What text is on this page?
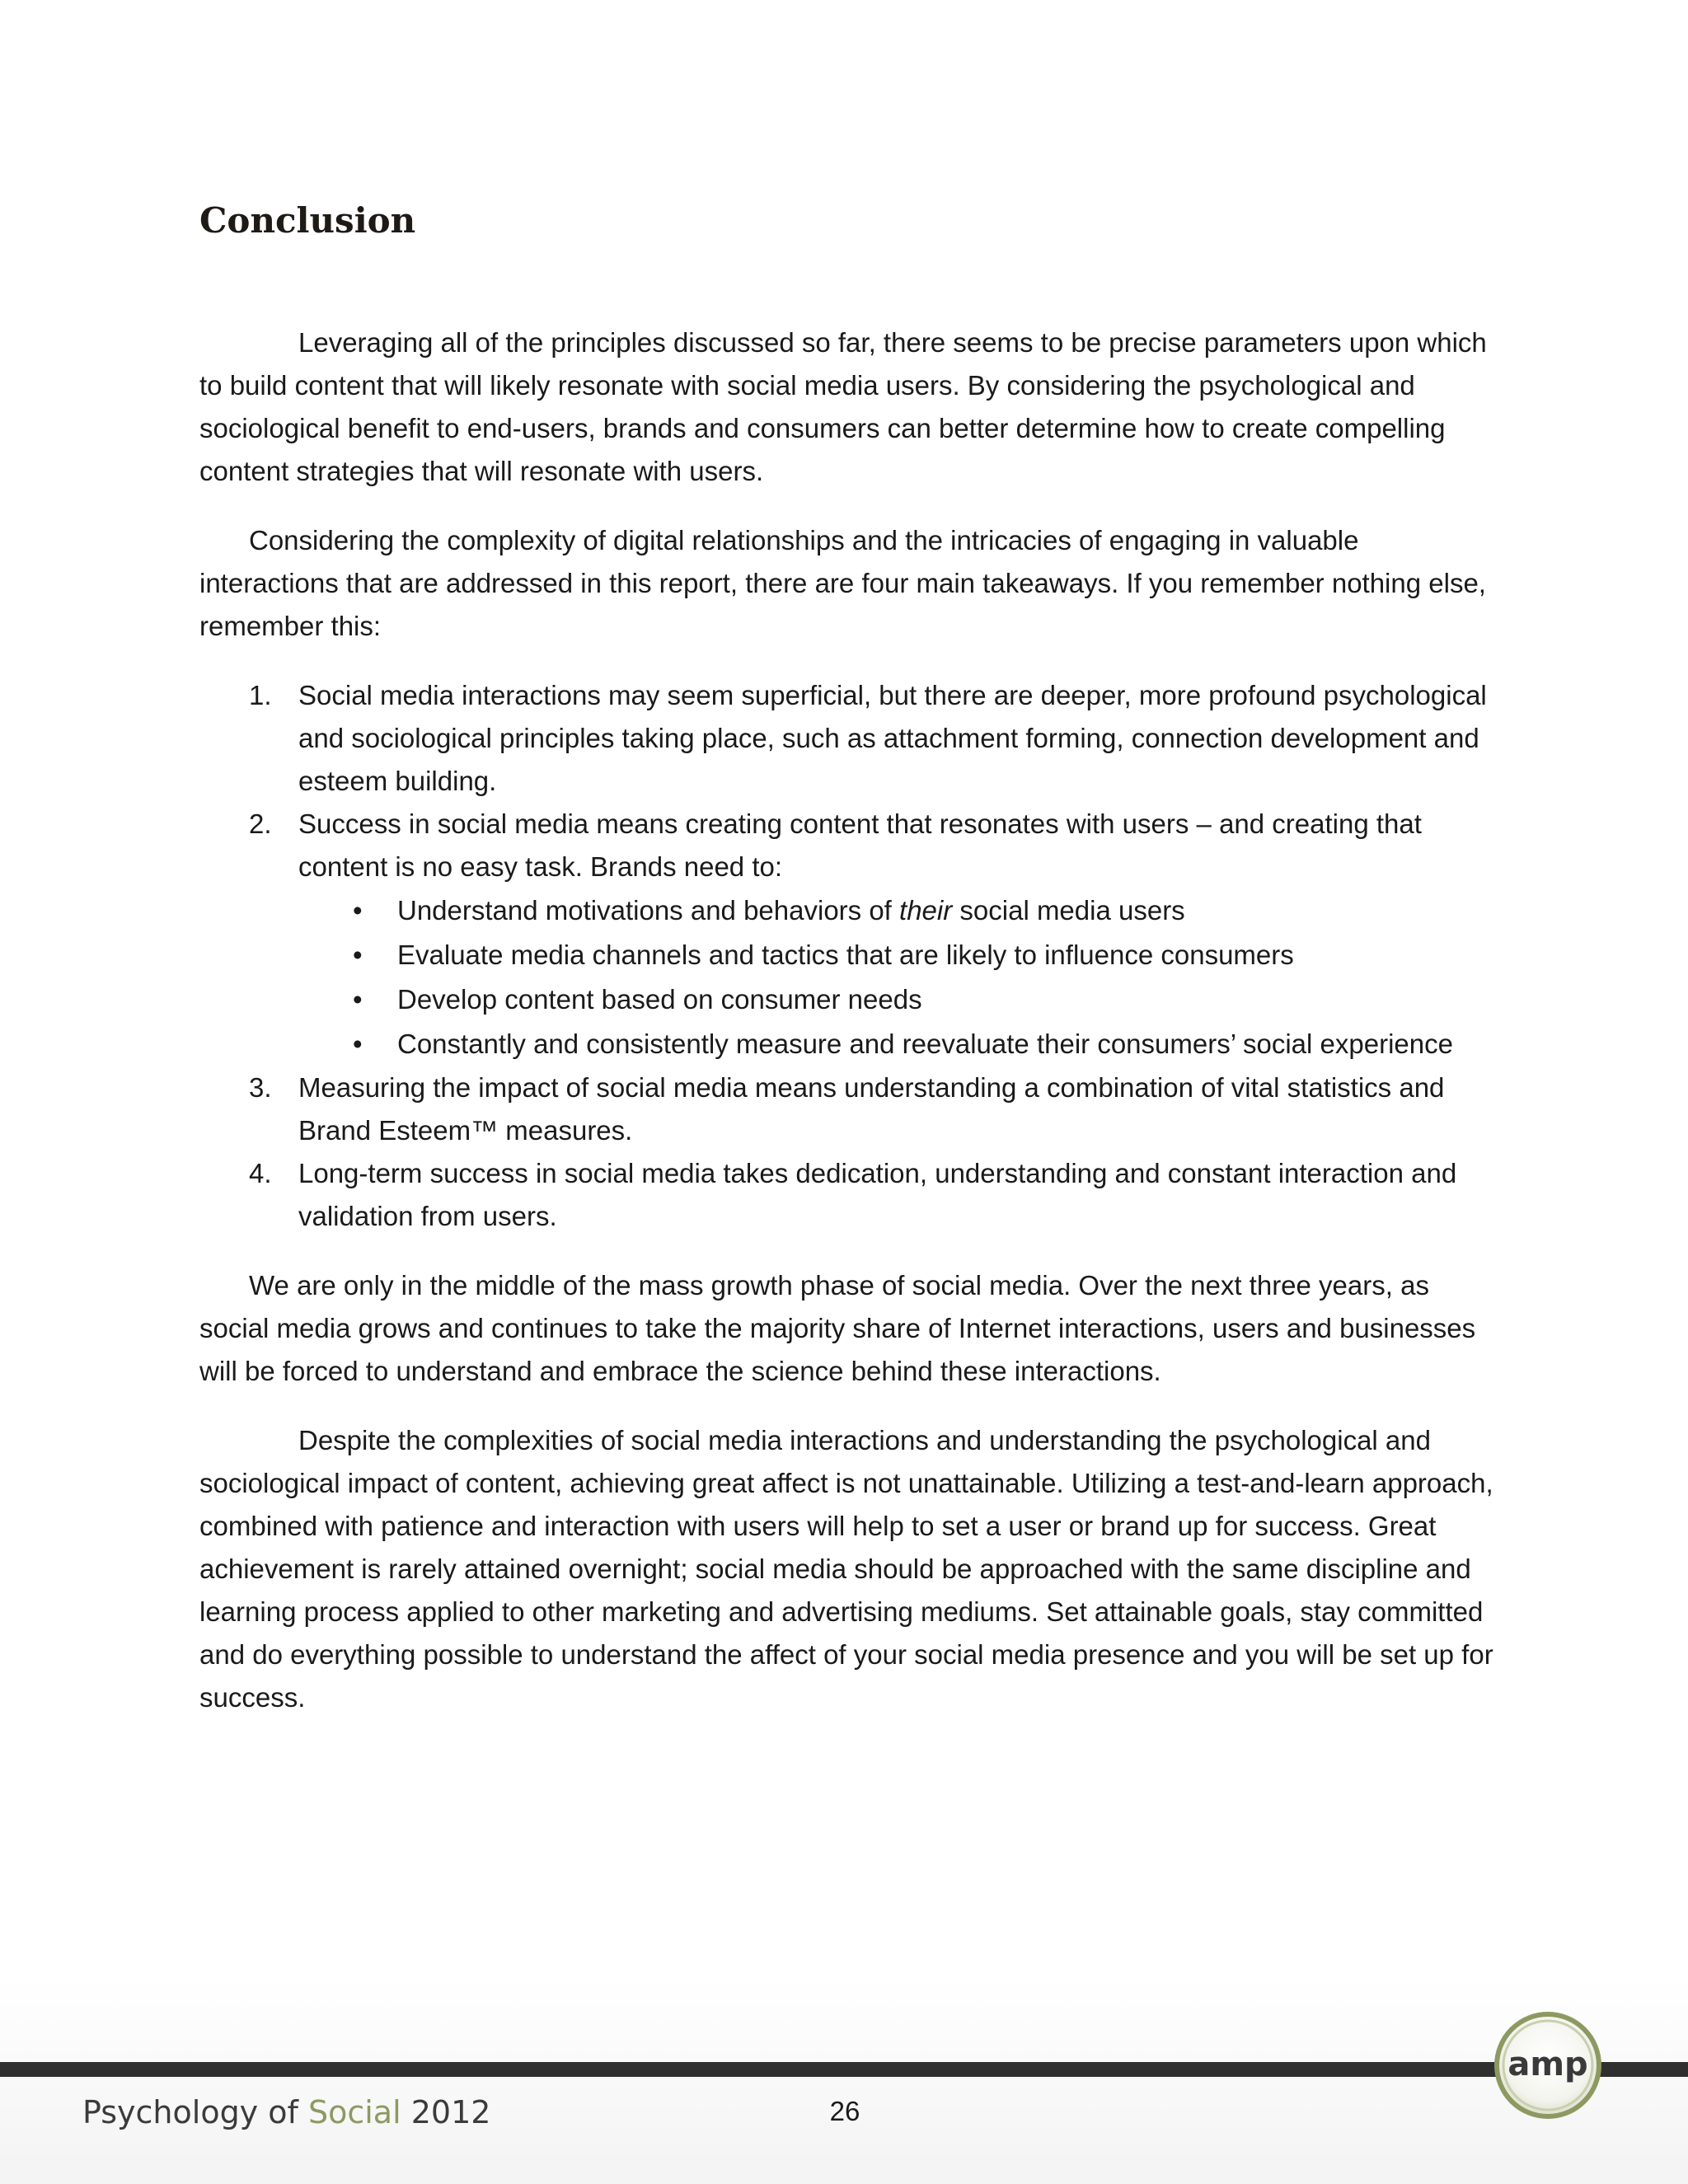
Conclusion

Leveraging all of the principles discussed so far, there seems to be precise parameters upon which to build content that will likely resonate with social media users. By considering the psychological and sociological benefit to end-users, brands and consumers can better determine how to create compelling content strategies that will resonate with users.

Considering the complexity of digital relationships and the intricacies of engaging in valuable interactions that are addressed in this report, there are four main takeaways. If you remember nothing else, remember this:

1. Social media interactions may seem superficial, but there are deeper, more profound psychological and sociological principles taking place, such as attachment forming, connection development and esteem building.
2. Success in social media means creating content that resonates with users – and creating that content is no easy task. Brands need to:
• Understand motivations and behaviors of their social media users
• Evaluate media channels and tactics that are likely to influence consumers
• Develop content based on consumer needs
• Constantly and consistently measure and reevaluate their consumers’ social experience
3. Measuring the impact of social media means understanding a combination of vital statistics and Brand Esteem™ measures.
4. Long-term success in social media takes dedication, understanding and constant interaction and validation from users.

We are only in the middle of the mass growth phase of social media. Over the next three years, as social media grows and continues to take the majority share of Internet interactions, users and businesses will be forced to understand and embrace the science behind these interactions.

Despite the complexities of social media interactions and understanding the psychological and sociological impact of content, achieving great affect is not unattainable. Utilizing a test-and-learn approach, combined with patience and interaction with users will help to set a user or brand up for success. Great achievement is rarely attained overnight; social media should be approached with the same discipline and learning process applied to other marketing and advertising mediums. Set attainable goals, stay committed and do everything possible to understand the affect of your social media presence and you will be set up for success.

Psychology of Social 2012	26
amp
